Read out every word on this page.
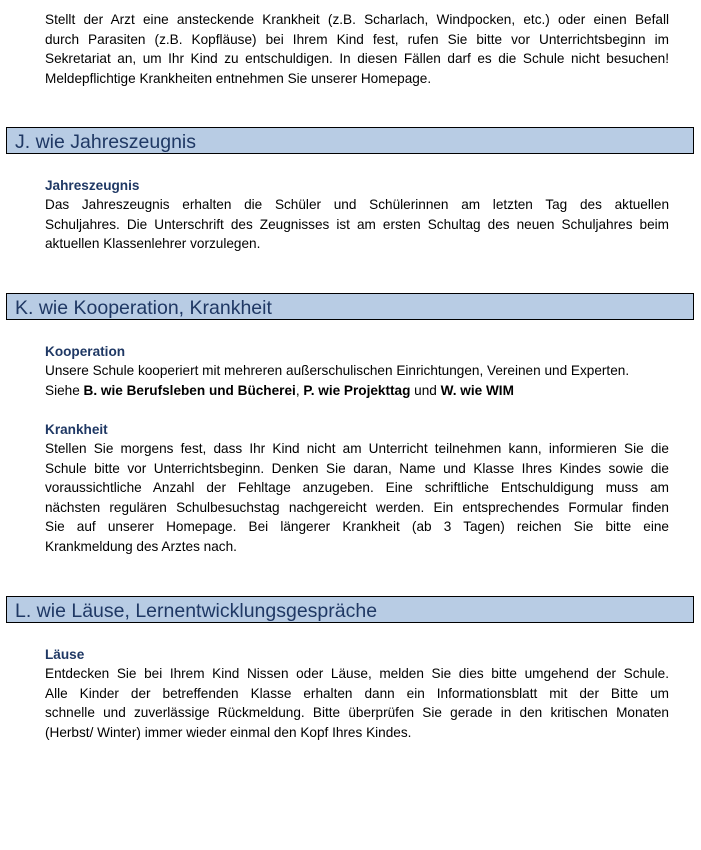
Stellt der Arzt eine ansteckende Krankheit (z.B. Scharlach, Windpocken, etc.) oder einen Befall
durch Parasiten (z.B. Kopfläuse) bei Ihrem Kind fest, rufen Sie bitte vor Unterrichtsbeginn im
Sekretariat an, um Ihr Kind zu entschuldigen. In diesen Fällen darf es die Schule nicht besuchen!
Meldepflichtige Krankheiten entnehmen Sie unserer Homepage.

J. wie Jahreszeugnis

Jahreszeugnis

Das Jahreszeugnis erhalten die Schüler und Schülerinnen am letzten Tag des aktuellen
Schuljahres. Die Unterschrift des Zeugnisses ist am ersten Schultag des neuen Schuljahres beim
aktuellen Klassenlehrer vorzulegen.

K. wie Kooperation, Krankheit

Kooperation

Unsere Schule kooperiert mit mehreren außerschulischen Einrichtungen, Vereinen und Experten.
Siehe B. wie Berufsleben und Bücherei, P. wie Projekttag und W. wie WIM

Krankheit

Stellen Sie morgens fest, dass Ihr Kind nicht am Unterricht teilnehmen kann, informieren Sie die
Schule bitte vor Unterrichtsbeginn. Denken Sie daran, Name und Klasse Ihres Kindes sowie die
voraussichtliche Anzahl der Fehltage anzugeben. Eine schriftliche Entschuldigung muss am
nächsten regulären Schulbesuchstag nachgereicht werden. Ein entsprechendes Formular finden
Sie auf unserer Homepage. Bei längerer Krankheit (ab 3 Tagen) reichen Sie bitte eine
Krankmeldung des Arztes nach.

L. wie Läuse, Lernentwicklungsgespräche

Läuse

Entdecken Sie bei Ihrem Kind Nissen oder Läuse, melden Sie dies bitte umgehend der Schule.
Alle Kinder der betreffenden Klasse erhalten dann ein Informationsblatt mit der Bitte um
schnelle und zuverlässige Rückmeldung. Bitte überprüfen Sie gerade in den kritischen Monaten
(Herbst/ Winter) immer wieder einmal den Kopf Ihres Kindes.
